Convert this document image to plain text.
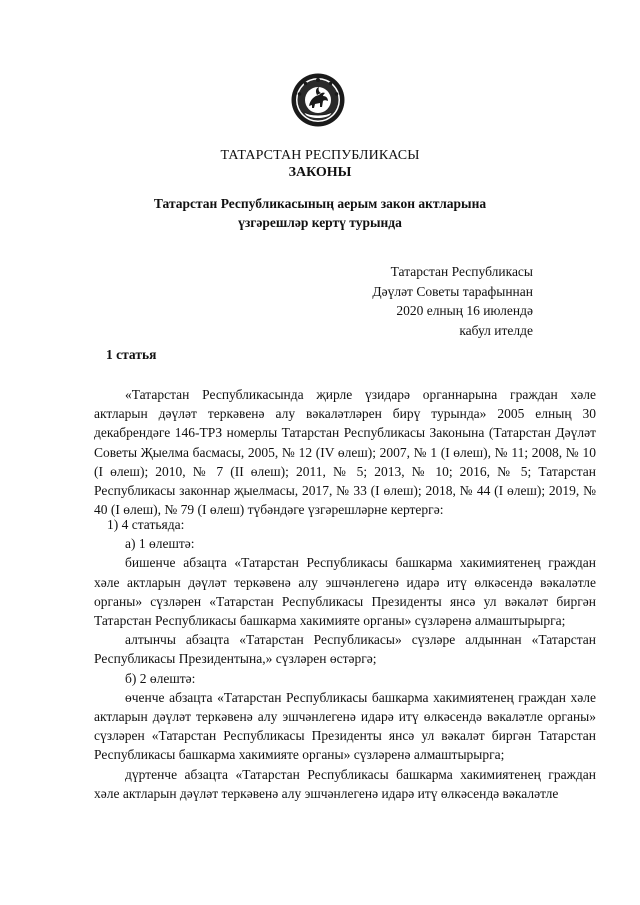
ТАТАРСТАН РЕСПУБЛИКАСЫ
ЗАКОНЫ
Татарстан Республикасының аерым закон актларына
үзгәрешләр кертү турында
Татарстан Республикасы
Дәүләт Советы тарафыннан
2020 елның 16 июлендә
кабул ителде
1 статья

«Татарстан Республикасында җирле үзидарә органнарына граждан хәле актларын дәүләт теркәвенә алу вәкаләтләрен бирү турында» 2005 елның 30 декабрендәге 146-ТРЗ номерлы Татарстан Республикасы Законына (Татарстан Дәүләт Советы Җыелма басмасы, 2005, № 12 (IV өлеш); 2007, № 1 (I өлеш), № 11; 2008, № 10 (I өлеш); 2010, № 7 (II өлеш); 2011, № 5; 2013, № 10; 2016, № 5; Татарстан Республикасы законнар җыелмасы, 2017, № 33 (I өлеш); 2018, № 44 (I өлеш); 2019, № 40 (I өлеш), № 79 (I өлеш) түбәндәге үзгәрешләрне кертергә:

1) 4 статьяда:

а) 1 өлештә:

бишенче абзацта «Татарстан Республикасы башкарма хакимиятенең граждан хәле актларын дәүләт теркәвенә алу эшчәнлегенә идарә итү өлкәсендә вәкаләтле органы» сүзләрен «Татарстан Республикасы Президенты янсә ул вәкаләт биргән Татарстан Республикасы башкарма хакимияте органы» сүзләренә алмаштырырга;

алтынчы абзацта «Татарстан Республикасы» сүзләре алдыннан «Татарстан Республикасы Президентына,» сүзләрен өстәргә;

б) 2 өлештә:

өченче абзацта «Татарстан Республикасы башкарма хакимиятенең граждан хәле актларын дәүләт теркәвенә алу эшчәнлегенә идарә итү өлкәсендә вәкаләтле органы» сүзләрен «Татарстан Республикасы Президенты янсә ул вәкаләт биргән Татарстан Республикасы башкарма хакимияте органы» сүзләренә алмаштырырга;

дүртенче абзацта «Татарстан Республикасы башкарма хакимиятенең граждан хәле актларын дәүләт теркәвенә алу эшчәнлегенә идарә итү өлкәсендә вәкаләтле
